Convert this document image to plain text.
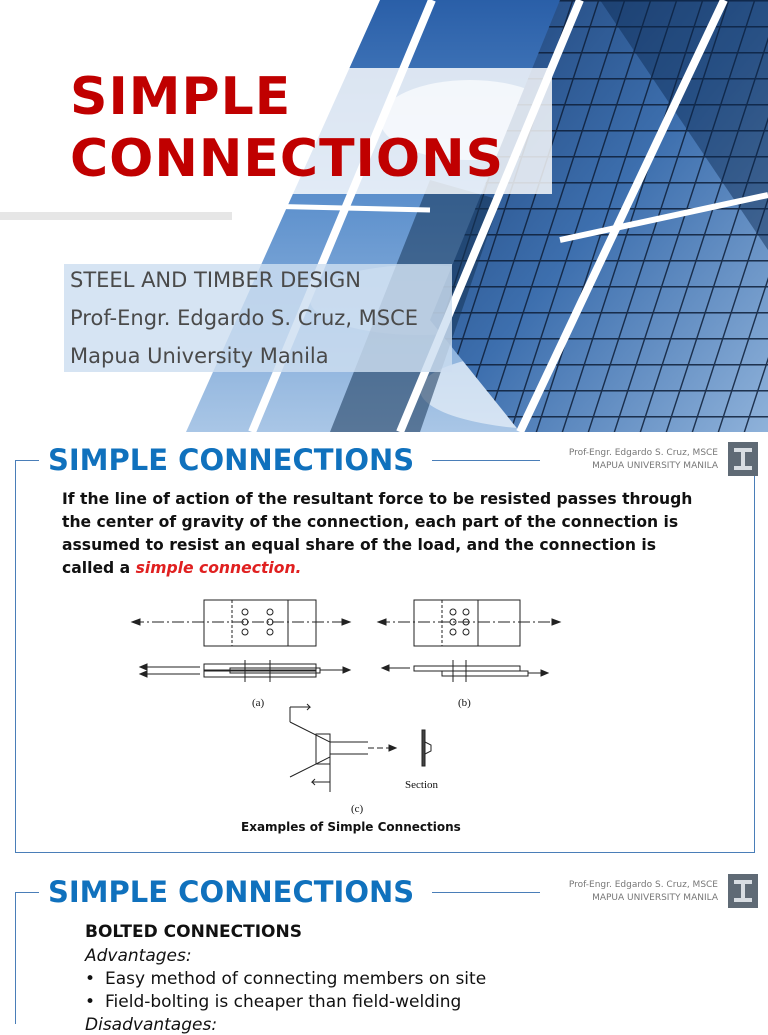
SIMPLE
CONNECTIONS
STEEL AND TIMBER DESIGN
Prof-Engr. Edgardo S. Cruz, MSCE
Mapua University Manila
SIMPLE CONNECTIONS	Prof-Engr. Edgardo S. Cruz, MSCE
MAPUA UNIVERSITY MANILA

If the line of action of the resultant force to be resisted passes through the center of gravity of the connection, each part of the connection is assumed to resist an equal share of the load, and the connection is called a simple connection.

(a)	(b)
(c)
Section
Examples of Simple Connections
SIMPLE CONNECTIONS	Prof-Engr. Edgardo S. Cruz, MSCE
MAPUA UNIVERSITY MANILA
BOLTED CONNECTIONS
Advantages:
• Easy method of connecting members on site
• Field-bolting is cheaper than field-welding
Disadvantages:
